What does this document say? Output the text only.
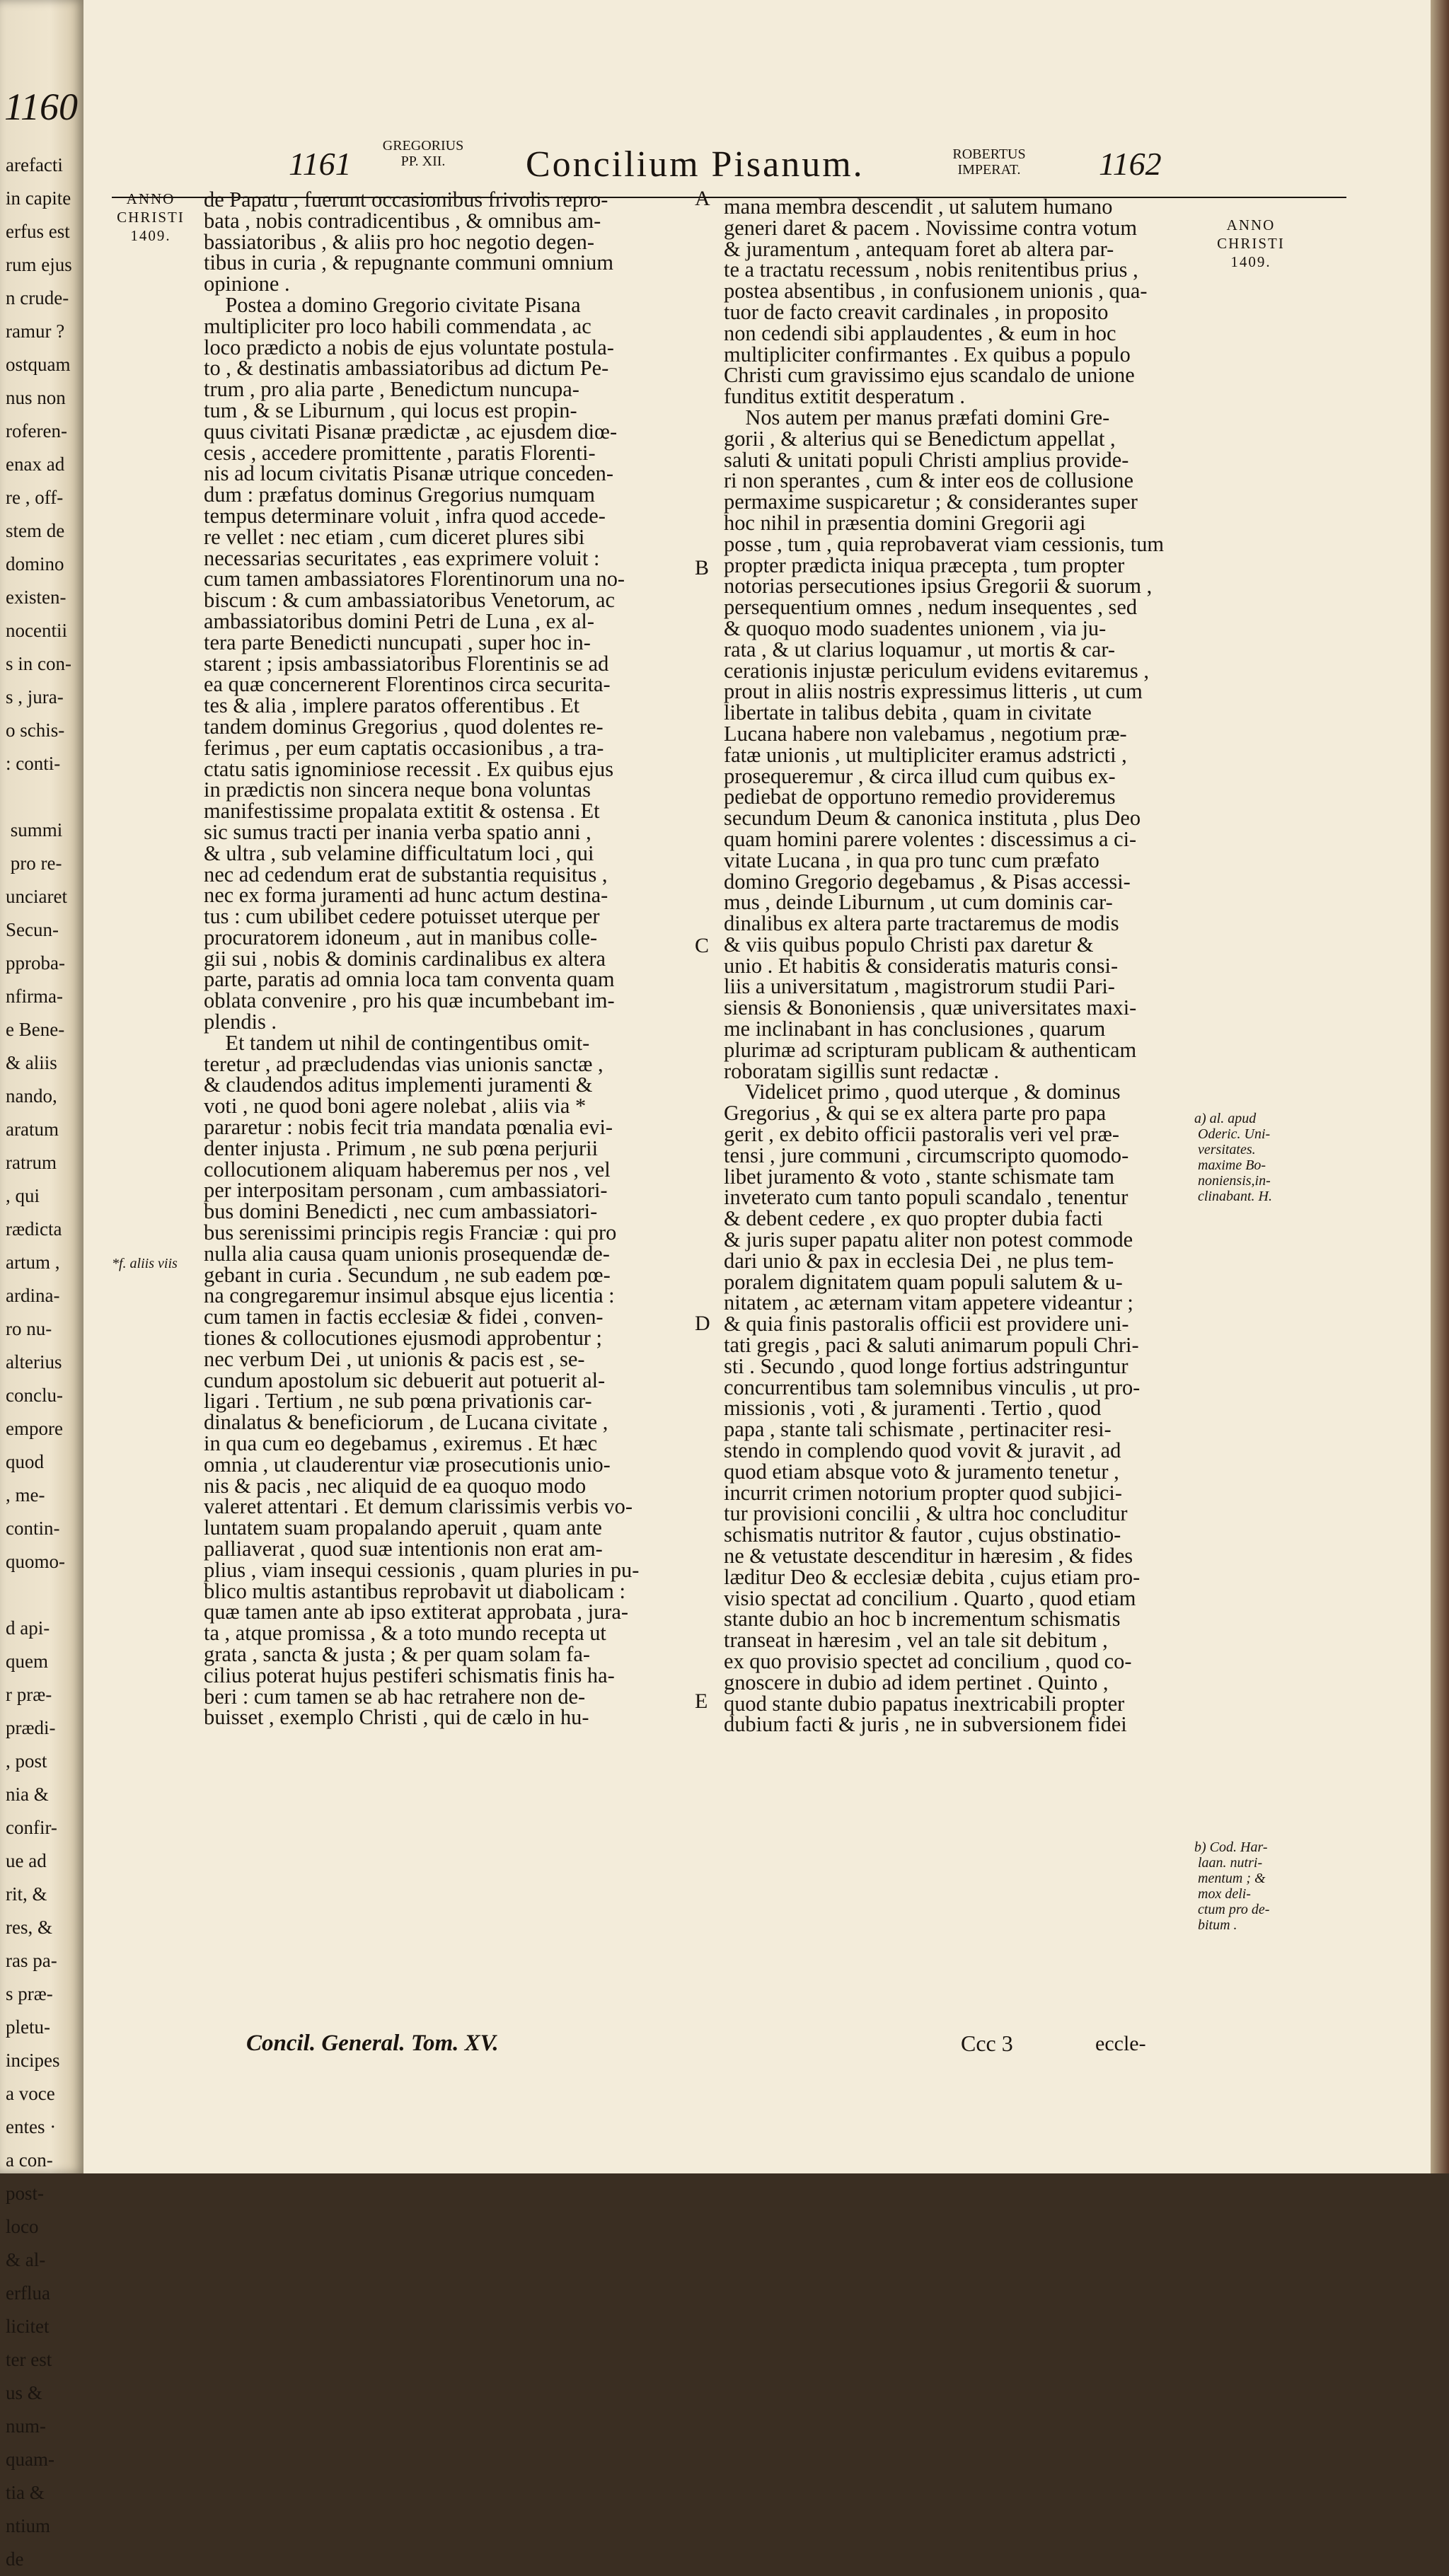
1160
arefacti
in capite
erfus est
rum ejus
n crude-
ramur ?
ostquam
nus non
roferen-
enax ad
re , off-
stem de
domino
existen-
nocentii
s in con-
s , jura-
o schis-
: conti-

summi
pro re-
unciaret
Secun-
pproba-
nfirma-
e Bene-
& aliis
nando,
aratum
ratrum
, qui
rædicta
artum ,
ardina-
ro nu-
alterius
conclu-
empore
quod
, me-
contin-
quomo-

d api-
quem
r præ-
prædi-
, post
nia &
confir-
ue ad
rit, &
res, &
ras pa-
s præ-
pletu-
incipes
a voce
entes ·
a con-
post-
loco
& al-
erflua
licitet
ter est
us &
num-
quam-
tia &
ntium
de
1161	GREGORIUS
PP. XII.	Concilium Pisanum.	ROBERTUS
IMPERAT.	1162
ANNO
CHRISTI
1409.
ANNO
CHRISTI
1409.
de Papatu , fuerunt occasionibus frivolis repro-
bata , nobis contradicentibus , & omnibus am-
bassiatoribus , & aliis pro hoc negotio degen-
tibus in curia , & repugnante communi omnium
opinione .
Postea a domino Gregorio civitate Pisana
multipliciter pro loco habili commendata , ac
loco prædicto a nobis de ejus voluntate postula-
to , & destinatis ambassiatoribus ad dictum Pe-
trum , pro alia parte , Benedictum nuncupa-
tum , & se Liburnum , qui locus est propin-
quus civitati Pisanæ prædictæ , ac ejusdem diœ-
cesis , accedere promittente , paratis Florenti-
nis ad locum civitatis Pisanæ utrique conceden-
dum : præfatus dominus Gregorius numquam
tempus determinare voluit , infra quod accede-
re vellet : nec etiam , cum diceret plures sibi
necessarias securitates , eas exprimere voluit :
cum tamen ambassiatores Florentinorum una no-
biscum : & cum ambassiatoribus Venetorum, ac
ambassiatoribus domini Petri de Luna , ex al-
tera parte Benedicti nuncupati , super hoc in-
starent ; ipsis ambassiatoribus Florentinis se ad
ea quæ concernerent Florentinos circa securita-
tes & alia , implere paratos offerentibus . Et
tandem dominus Gregorius , quod dolentes re-
ferimus , per eum captatis occasionibus , a tra-
ctatu satis ignominiose recessit . Ex quibus ejus
in prædictis non sincera neque bona voluntas
manifestissime propalata extitit & ostensa . Et
sic sumus tracti per inania verba spatio anni ,
& ultra , sub velamine difficultatum loci , qui
nec ad cedendum erat de substantia requisitus ,
nec ex forma juramenti ad hunc actum destina-
tus : cum ubilibet cedere potuisset uterque per
procuratorem idoneum , aut in manibus colle-
gii sui , nobis & dominis cardinalibus ex altera
parte, paratis ad omnia loca tam conventa quam
oblata convenire , pro his quæ incumbebant im-
plendis .
Et tandem ut nihil de contingentibus omit-
teretur , ad præcludendas vias unionis sanctæ ,
& claudendos aditus implementi juramenti &
voti , ne quod boni agere nolebat , aliis via *
pararetur : nobis fecit tria mandata pœnalia evi-
denter injusta . Primum , ne sub pœna perjurii
collocutionem aliquam haberemus per nos , vel
per interpositam personam , cum ambassiatori-
bus domini Benedicti , nec cum ambassiatori-
bus serenissimi principis regis Franciæ : qui pro
nulla alia causa quam unionis prosequendæ de-
gebant in curia . Secundum , ne sub eadem pœ-
na congregaremur insimul absque ejus licentia :
cum tamen in factis ecclesiæ & fidei , conven-
tiones & collocutiones ejusmodi approbentur ;
nec verbum Dei , ut unionis & pacis est , se-
cundum apostolum sic debuerit aut potuerit al-
ligari . Tertium , ne sub pœna privationis car-
dinalatus & beneficiorum , de Lucana civitate ,
in qua cum eo degebamus , exiremus . Et hæc
omnia , ut clauderentur viæ prosecutionis unio-
nis & pacis , nec aliquid de ea quoquo modo
valeret attentari . Et demum clarissimis verbis vo-
luntatem suam propalando aperuit , quam ante
palliaverat , quod suæ intentionis non erat am-
plius , viam insequi cessionis , quam pluries in pu-
blico multis astantibus reprobavit ut diabolicam :
quæ tamen ante ab ipso extiterat approbata , jura-
ta , atque promissa , & a toto mundo recepta ut
grata , sancta & justa ; & per quam solam fa-
cilius poterat hujus pestiferi schismatis finis ha-
beri : cum tamen se ab hac retrahere non de-
buisset , exemplo Christi , qui de cælo in hu-
mana membra descendit , ut salutem humano
generi daret & pacem . Novissime contra votum
& juramentum , antequam foret ab altera par-
te a tractatu recessum , nobis renitentibus prius ,
postea absentibus , in confusionem unionis , qua-
tuor de facto creavit cardinales , in proposito
non cedendi sibi applaudentes , & eum in hoc
multipliciter confirmantes . Ex quibus a populo
Christi cum gravissimo ejus scandalo de unione
funditus extitit desperatum .
Nos autem per manus præfati domini Gre-
gorii , & alterius qui se Benedictum appellat ,
saluti & unitati populi Christi amplius provide-
ri non sperantes , cum & inter eos de collusione
permaxime suspicaretur ; & considerantes super
hoc nihil in præsentia domini Gregorii agi
posse , tum , quia reprobaverat viam cessionis, tum
propter prædicta iniqua præcepta , tum propter
notorias persecutiones ipsius Gregorii & suorum ,
persequentium omnes , nedum insequentes , sed
& quoquo modo suadentes unionem , via ju-
rata , & ut clarius loquamur , ut mortis & car-
cerationis injustæ periculum evidens evitaremus ,
prout in aliis nostris expressimus litteris , ut cum
libertate in talibus debita , quam in civitate
Lucana habere non valebamus , negotium præ-
fatæ unionis , ut multipliciter eramus adstricti ,
prosequeremur , & circa illud cum quibus ex-
pediebat de opportuno remedio provideremus
secundum Deum & canonica instituta , plus Deo
quam homini parere volentes : discessimus a ci-
vitate Lucana , in qua pro tunc cum præfato
domino Gregorio degebamus , & Pisas accessi-
mus , deinde Liburnum , ut cum dominis car-
dinalibus ex altera parte tractaremus de modis
& viis quibus populo Christi pax daretur &
unio . Et habitis & consideratis maturis consi-
liis a universitatum , magistrorum studii Pari-
siensis & Bononiensis , quæ universitates maxi-
me inclinabant in has conclusiones , quarum
plurimæ ad scripturam publicam & authenticam
roboratam sigillis sunt redactæ .
Videlicet primo , quod uterque , & dominus
Gregorius , & qui se ex altera parte pro papa
gerit , ex debito officii pastoralis veri vel præ-
tensi , jure communi , circumscripto quomodo-
libet juramento & voto , stante schismate tam
inveterato cum tanto populi scandalo , tenentur
& debent cedere , ex quo propter dubia facti
& juris super papatu aliter non potest commode
dari unio & pax in ecclesia Dei , ne plus tem-
poralem dignitatem quam populi salutem & u-
nitatem , ac æternam vitam appetere videantur ;
& quia finis pastoralis officii est providere uni-
tati gregis , paci & saluti animarum populi Chri-
sti . Secundo , quod longe fortius adstringuntur
concurrentibus tam solemnibus vinculis , ut pro-
missionis , voti , & juramenti . Tertio , quod
papa , stante tali schismate , pertinaciter resi-
stendo in complendo quod vovit & juravit , ad
quod etiam absque voto & juramento tenetur ,
incurrit crimen notorium propter quod subjici-
tur provisioni concilii , & ultra hoc concluditur
schismatis nutritor & fautor , cujus obstinatio-
ne & vetustate descenditur in hæresim , & fides
læditur Deo & ecclesiæ debita , cujus etiam pro-
visio spectat ad concilium . Quarto , quod etiam
stante dubio an hoc b incrementum schismatis
transeat in hæresim , vel an tale sit debitum ,
ex quo provisio spectet ad concilium , quod co-
gnoscere in dubio ad idem pertinet . Quinto ,
quod stante dubio papatus inextricabili propter
dubium facti & juris , ne in subversionem fidei
A
B
C
D
E
*f. aliis viis
a) al. apud
Oderic. Uni-
versitates.
maxime Bo-
noniensis,in-
clinabant. H.
b) Cod. Har-
laan. nutri-
mentum ; &
mox deli-
ctum pro de-
bitum .
Concil. General. Tom. XV.	Ccc 3	eccle-
